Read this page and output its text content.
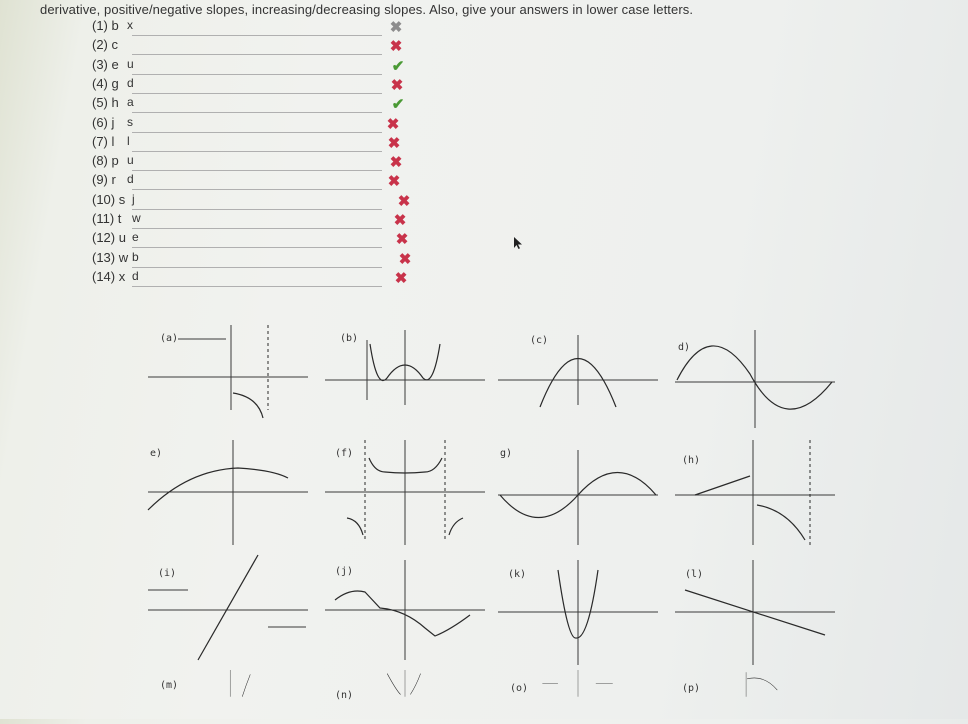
derivative, positive/negative slopes, increasing/decreasing slopes. Also, give your answers in lower case letters.
(1) b x	✖
(2) c	✖
(3) e u	✔
(4) g d	✖
(5) h a	✔
(6) j s	✖
(7) l l	✖
(8) p u	✖
(9) r d	✖
(10) s j	✖
(11) t w	✖
(12) u e	✖
(13) w b	✖
(14) x d	✖
(a)	(b)	(c)
d)
e)	(f)	g)
(h)
(i)	(j)	(k)	(l)
(m)
(n)
(o)	(p)
